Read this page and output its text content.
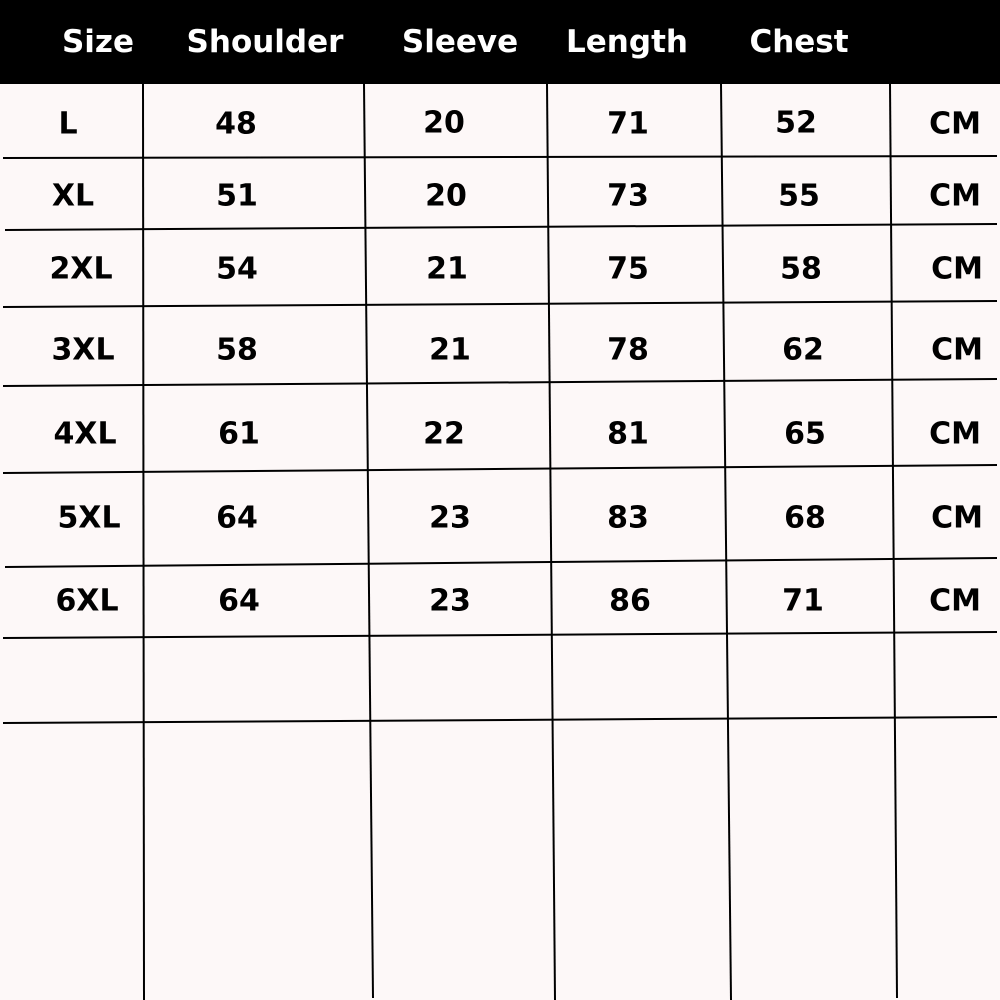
Size Shoulder Sleeve Length Chest
L	48	20	71	52	CM
XL	51	20	73	55	CM
2XL	54	21	75	58	CM
3XL	58	21	78	62	CM
4XL	61	22	81	65	CM
5XL	64	23	83	68	CM
6XL	64	23	86	71	CM
